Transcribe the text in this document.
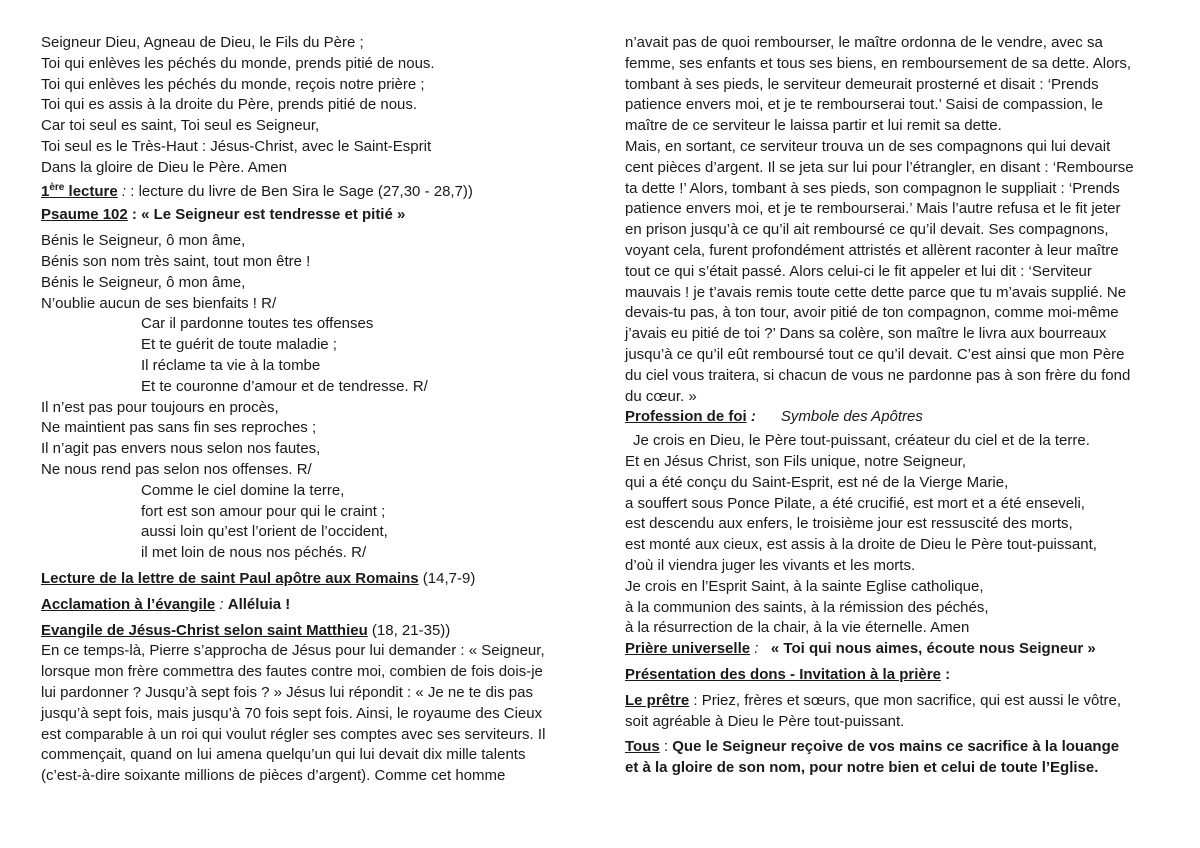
Seigneur Dieu, Agneau de Dieu, le Fils du Père ;
Toi qui enlèves les péchés du monde, prends pitié de nous.
Toi qui enlèves les péchés du monde, reçois notre prière ;
Toi qui es assis à la droite du Père, prends pitié de nous.
Car toi seul es saint, Toi seul es Seigneur,
Toi seul es le Très-Haut : Jésus-Christ, avec le Saint-Esprit
Dans la gloire de Dieu le Père. Amen
1ère lecture : : lecture du livre de Ben Sira le Sage (27,30 - 28,7))
Psaume 102 : « Le Seigneur est tendresse et pitié »
Bénis le Seigneur, ô mon âme,
Bénis son nom très saint, tout mon être !
Bénis le Seigneur, ô mon âme,
N’oublie aucun de ses bienfaits ! R/
Car il pardonne toutes tes offenses
Et te guérit de toute maladie ;
Il réclame ta vie à la tombe
Et te couronne d’amour et de tendresse. R/
Il n’est pas pour toujours en procès,
Ne maintient pas sans fin ses reproches ;
Il n’agit pas envers nous selon nos fautes,
Ne nous rend pas selon nos offenses. R/
Comme le ciel domine la terre,
fort est son amour pour qui le craint ;
aussi loin qu’est l’orient de l’occident,
il met loin de nous nos péchés. R/
Lecture de la lettre de saint Paul apôtre aux Romains (14,7-9)
Acclamation à l’évangile : Alléluia !
Evangile de Jésus-Christ selon saint Matthieu (18, 21-35))
En ce temps-là, Pierre s’approcha de Jésus pour lui demander : « Seigneur,
lorsque mon frère commettra des fautes contre moi, combien de fois dois-je
lui pardonner ? Jusqu’à sept fois ? » Jésus lui répondit : « Je ne te dis pas
jusqu’à sept fois, mais jusqu’à 70 fois sept fois. Ainsi, le royaume des Cieux
est comparable à un roi qui voulut régler ses comptes avec ses serviteurs. Il
commençait, quand on lui amena quelqu’un qui lui devait dix mille talents
(c’est-à-dire soixante millions de pièces d’argent). Comme cet homme
n’avait pas de quoi rembourser, le maître ordonna de le vendre, avec sa
femme, ses enfants et tous ses biens, en remboursement de sa dette. Alors,
tombant à ses pieds, le serviteur demeurait prosterné et disait : ‘Prends
patience envers moi, et je te rembourserai tout.’ Saisi de compassion, le
maître de ce serviteur le laissa partir et lui remit sa dette.
Mais, en sortant, ce serviteur trouva un de ses compagnons qui lui devait
cent pièces d’argent. Il se jeta sur lui pour l’étrangler, en disant : ‘Rembourse
ta dette !’ Alors, tombant à ses pieds, son compagnon le suppliait : ‘Prends
patience envers moi, et je te rembourserai.’ Mais l’autre refusa et le fit jeter
en prison jusqu’à ce qu’il ait remboursé ce qu’il devait. Ses compagnons,
voyant cela, furent profondément attristés et allèrent raconter à leur maître
tout ce qui s’était passé. Alors celui-ci le fit appeler et lui dit : ‘Serviteur
mauvais ! je t’avais remis toute cette dette parce que tu m’avais supplié. Ne
devais-tu pas, à ton tour, avoir pitié de ton compagnon, comme moi-même
j’avais eu pitié de toi ?’ Dans sa colère, son maître le livra aux bourreaux
jusqu’à ce qu’il eût remboursé tout ce qu’il devait. C’est ainsi que mon Père
du ciel vous traitera, si chacun de vous ne pardonne pas à son frère du fond
du cœur. »
Profession de foi :      Symbole des Apôtres
Je crois en Dieu, le Père tout-puissant, créateur du ciel et de la terre.
Et en Jésus Christ, son Fils unique, notre Seigneur,
qui a été conçu du Saint-Esprit, est né de la Vierge Marie,
a souffert sous Ponce Pilate, a été crucifié, est mort et a été enseveli,
est descendu aux enfers, le troisième jour est ressuscité des morts,
est monté aux cieux, est assis à la droite de Dieu le Père tout-puissant,
d’où il viendra juger les vivants et les morts.
Je crois en l’Esprit Saint, à la sainte Eglise catholique,
à la communion des saints, à la rémission des péchés,
à la résurrection de la chair, à la vie éternelle. Amen
Prière universelle :   « Toi qui nous aimes, écoute nous Seigneur »
Présentation des dons - Invitation à la prière :
Le prêtre : Priez, frères et sœurs, que mon sacrifice, qui est aussi le vôtre,
soit agréable à Dieu le Père tout-puissant.
Tous : Que le Seigneur reçoive de vos mains ce sacrifice à la louange
et à la gloire de son nom, pour notre bien et celui de toute l’Eglise.
